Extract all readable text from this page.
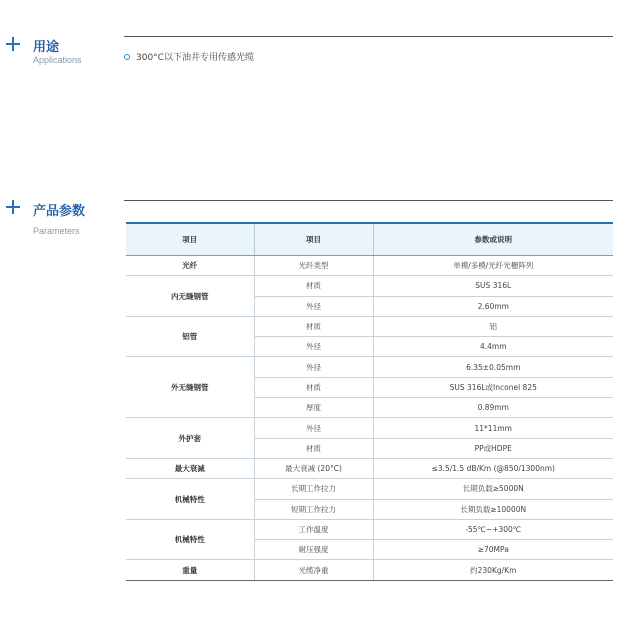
用途
Applications	300°C以下油井专用传感光缆
产品参数
Parameters
项目	项目	参数或说明
光纤	光纤类型	单模/多模/光纤光栅阵列
内无缝钢管	材质	SUS 316L
	外径	2.60mm
铝管	材质	铝
	外径	4.4mm
外无缝钢管	外径	6.35±0.05mm
	材质	SUS 316L或Inconel 825
	厚度	0.89mm
外护套	外径	11*11mm
	材质	PP或HDPE
最大衰减	最大衰减 (20°C)	≤3.5/1.5 dB/Km (@850/1300nm)
机械特性	长期工作拉力	长期负载≥5000N
	短期工作拉力	长期负载≥10000N
机械特性	工作温度	-55℃~+300℃
	耐压强度	≥70MPa
重量	光缆净重	约230Kg/Km
